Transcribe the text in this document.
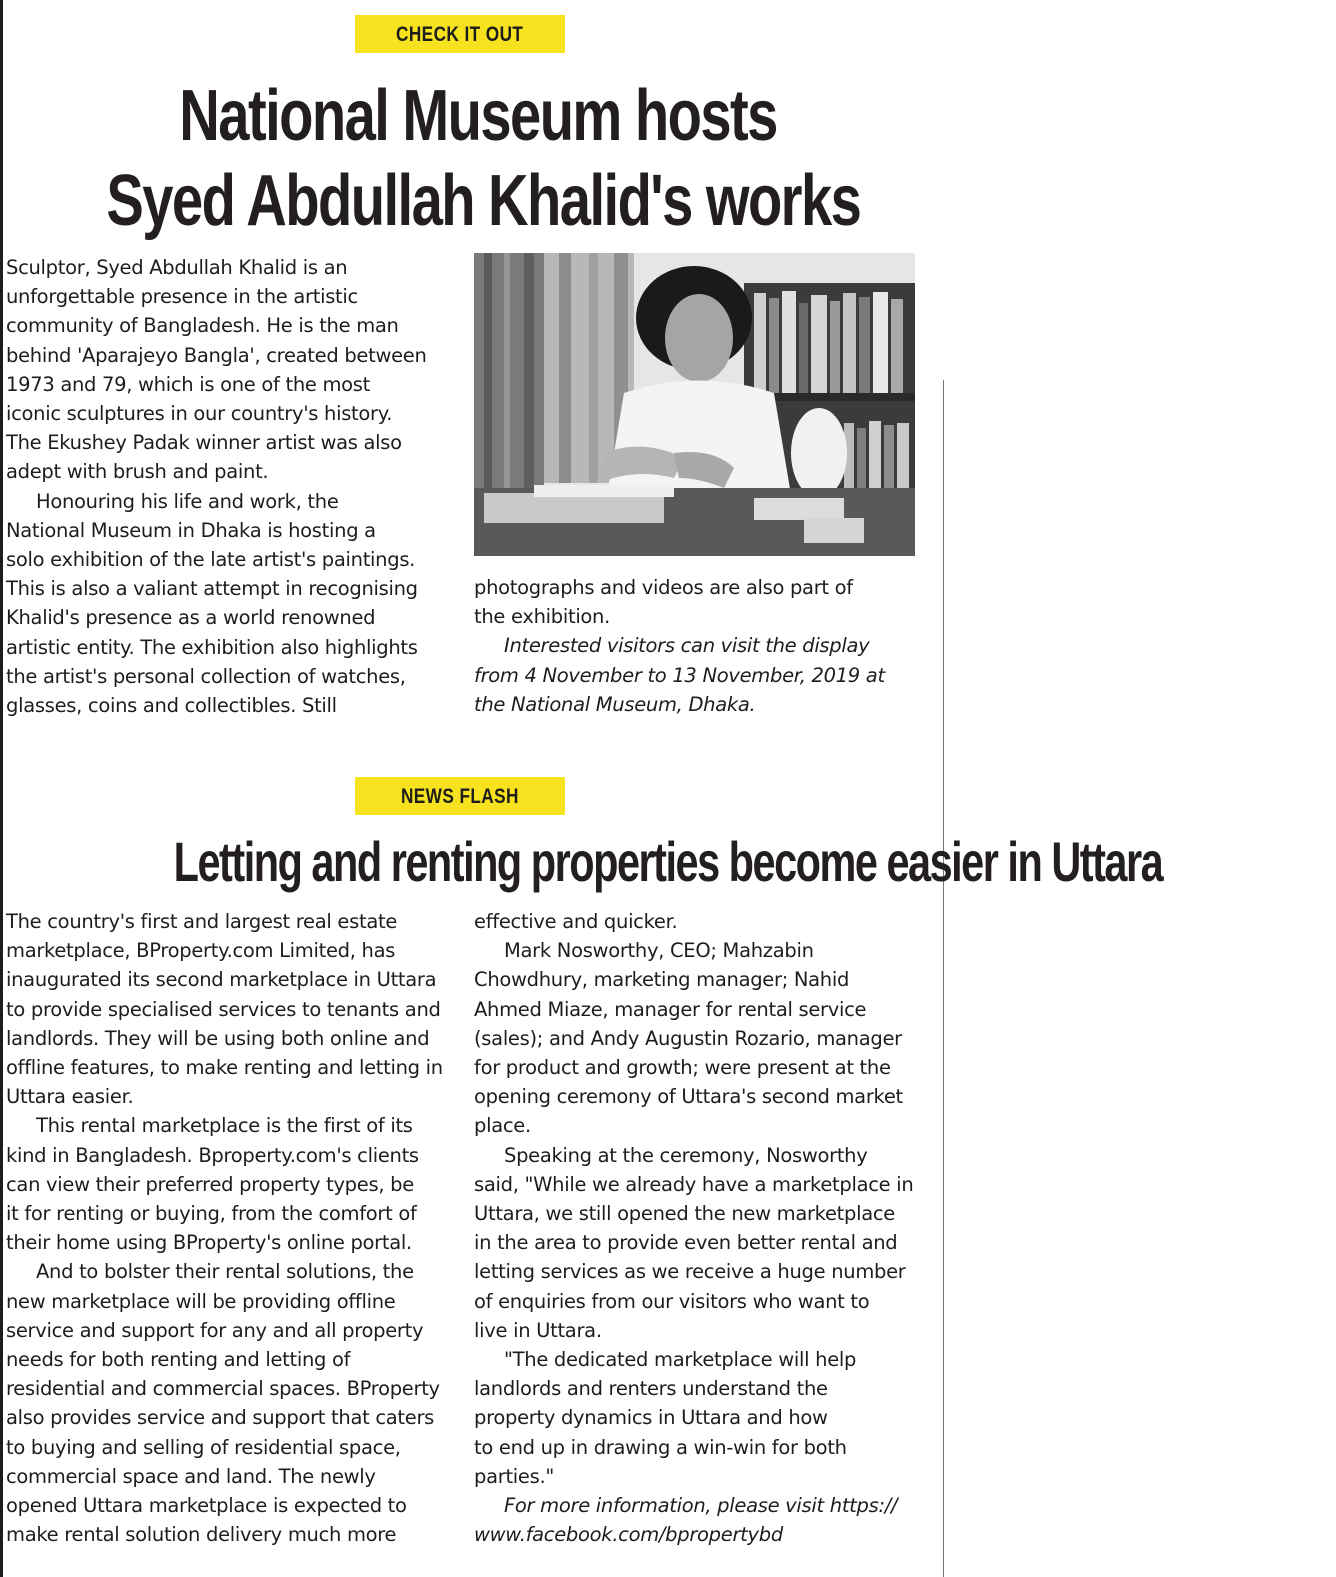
CHECK IT OUT
National Museum hosts
Syed Abdullah Khalid's works

Sculptor, Syed Abdullah Khalid is an

unforgettable presence in the artistic

community of Bangladesh. He is the man

behind 'Aparajeyo Bangla', created between

1973 and 79, which is one of the most

iconic sculptures in our country's history.

The Ekushey Padak winner artist was also

adept with brush and paint.

Honouring his life and work, the

National Museum in Dhaka is hosting a

solo exhibition of the late artist's paintings.

This is also a valiant attempt in recognising

Khalid's presence as a world renowned

artistic entity. The exhibition also highlights

the artist's personal collection of watches,

glasses, coins and collectibles. Still

photographs and videos are also part of

the exhibition.

Interested visitors can visit the display

from 4 November to 13 November, 2019 at

the National Museum, Dhaka.

NEWS FLASH
Letting and renting properties become easier in Uttara

The country's first and largest real estate

marketplace, BProperty.com Limited, has

inaugurated its second marketplace in Uttara

to provide specialised services to tenants and

landlords. They will be using both online and

offline features, to make renting and letting in

Uttara easier.

This rental marketplace is the first of its

kind in Bangladesh. Bproperty.com's clients

can view their preferred property types, be

it for renting or buying, from the comfort of

their home using BProperty's online portal.

And to bolster their rental solutions, the

new marketplace will be providing offline

service and support for any and all property

needs for both renting and letting of

residential and commercial spaces. BProperty

also provides service and support that caters

to buying and selling of residential space,

commercial space and land. The newly

opened Uttara marketplace is expected to

make rental solution delivery much more

effective and quicker.

Mark Nosworthy, CEO; Mahzabin

Chowdhury, marketing manager; Nahid

Ahmed Miaze, manager for rental service

(sales); and Andy Augustin Rozario, manager

for product and growth; were present at the

opening ceremony of Uttara's second market

place.

Speaking at the ceremony, Nosworthy

said, "While we already have a marketplace in

Uttara, we still opened the new marketplace

in the area to provide even better rental and

letting services as we receive a huge number

of enquiries from our visitors who want to

live in Uttara.

"The dedicated marketplace will help

landlords and renters understand the

property dynamics in Uttara and how

to end up in drawing a win-win for both

parties."

For more information, please visit https://

www.facebook.com/bpropertybd
